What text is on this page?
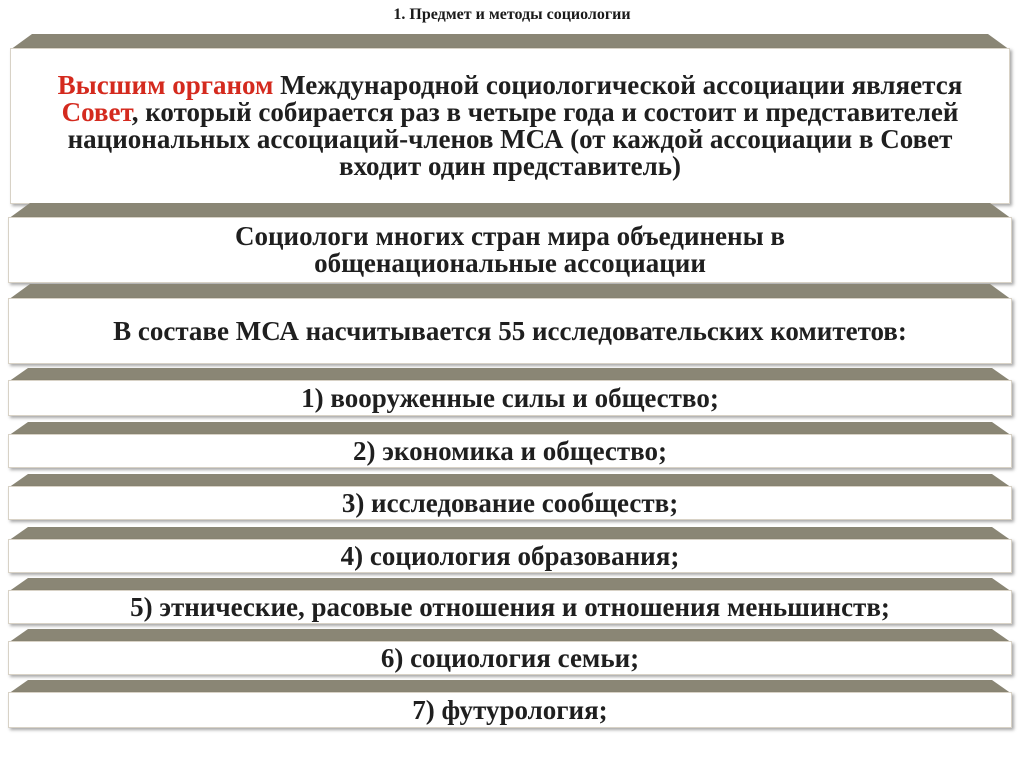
1. Предмет и методы социологии
Высшим органом Международной социологической ассоциации является Совет, который собирается раз в четыре года и состоит и представителей национальных ассоциаций-членов МСА (от каждой ассоциации в Совет входит один представитель)
Социологи многих стран мира объединены в общенациональные ассоциации
В составе МСА насчитывается 55 исследовательских комитетов:
1) вооруженные силы и общество;
2) экономика и общество;
3) исследование сообществ;
4) социология образования;
5) этнические, расовые отношения и отношения меньшинств;
6) социология семьи;
7) футурология;
